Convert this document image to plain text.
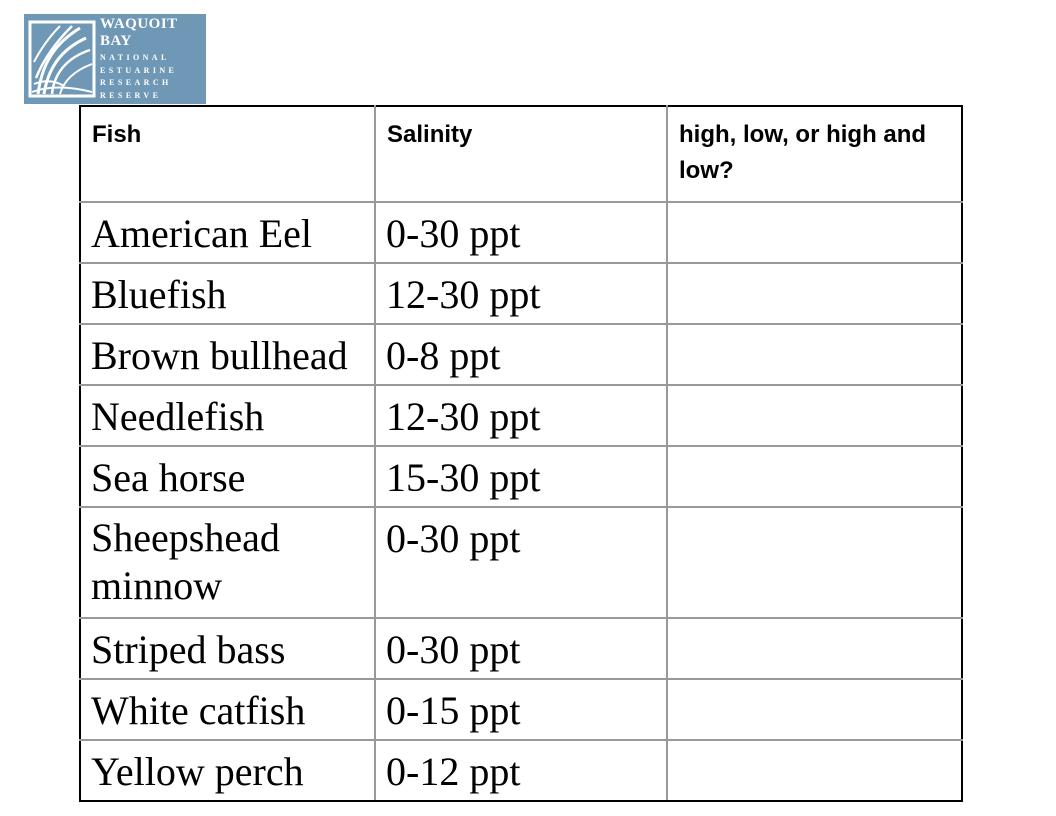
WAQUOIT BAY
NATIONAL
ESTUARINE
RESEARCH
RESERVE
Fish	Salinity	high, low, or high and low?

American Eel	0-30 ppt	

Bluefish	12-30 ppt	

Brown bullhead	0-8 ppt	

Needlefish	12-30 ppt	

Sea horse	15-30 ppt	

Sheepshead minnow	0-30 ppt	

Striped bass	0-30 ppt	

White catfish	0-15 ppt	

Yellow perch	0-12 ppt	
